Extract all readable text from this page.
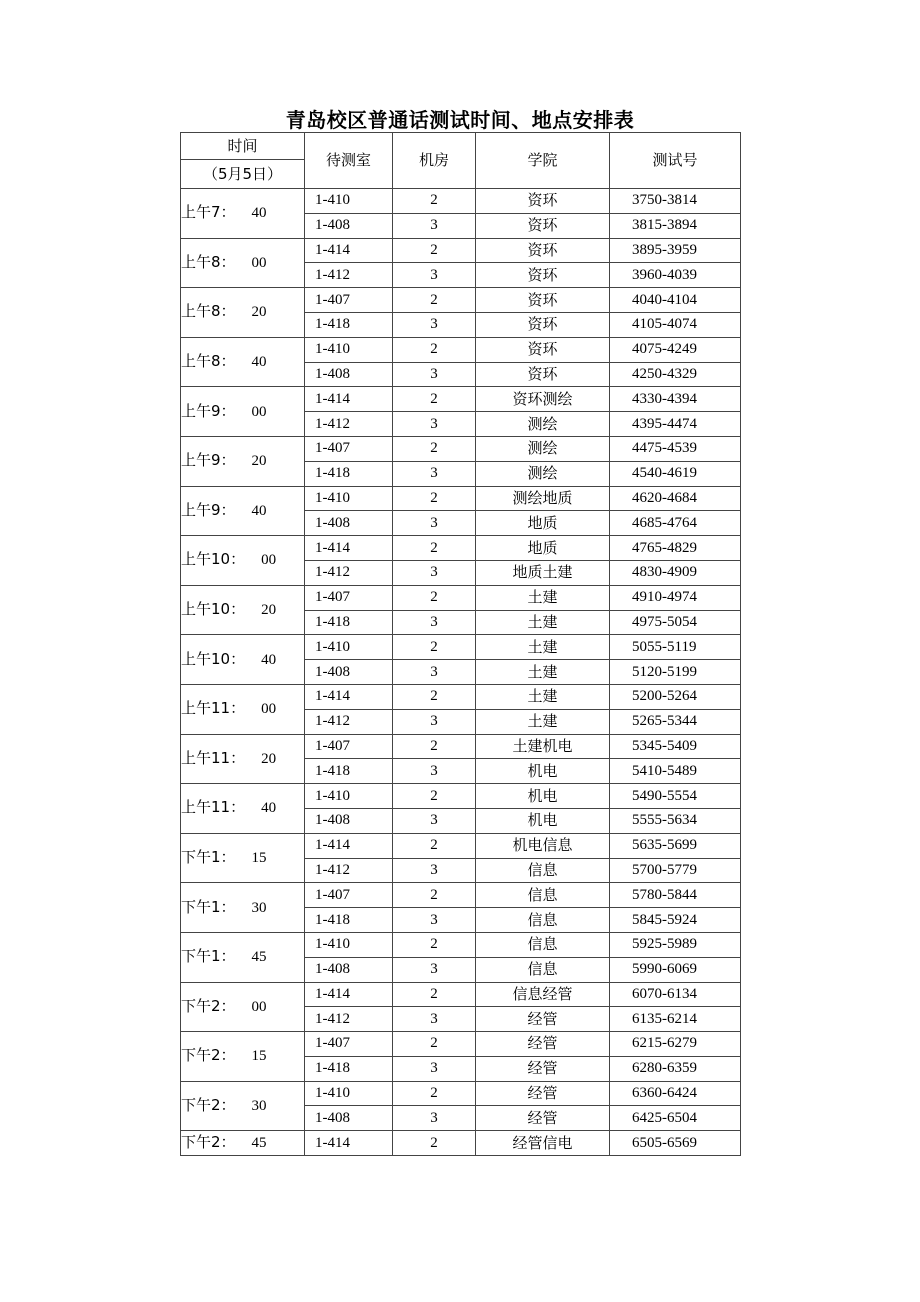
青岛校区普通话测试时间、地点安排表
时间	待测室	机房	学院	测试号
（5月5日）				
上午7： 40	1-410	2	资环	3750-3814
	1-408	3	资环	3815-3894
上午8： 00	1-414	2	资环	3895-3959
	1-412	3	资环	3960-4039
上午8： 20	1-407	2	资环	4040-4104
	1-418	3	资环	4105-4074
上午8： 40	1-410	2	资环	4075-4249
	1-408	3	资环	4250-4329
上午9： 00	1-414	2	资环测绘	4330-4394
	1-412	3	测绘	4395-4474
上午9： 20	1-407	2	测绘	4475-4539
	1-418	3	测绘	4540-4619
上午9： 40	1-410	2	测绘地质	4620-4684
	1-408	3	地质	4685-4764
上午10： 00	1-414	2	地质	4765-4829
	1-412	3	地质土建	4830-4909
上午10： 20	1-407	2	土建	4910-4974
	1-418	3	土建	4975-5054
上午10： 40	1-410	2	土建	5055-5119
	1-408	3	土建	5120-5199
上午11： 00	1-414	2	土建	5200-5264
	1-412	3	土建	5265-5344
上午11： 20	1-407	2	土建机电	5345-5409
	1-418	3	机电	5410-5489
上午11： 40	1-410	2	机电	5490-5554
	1-408	3	机电	5555-5634
下午1： 15	1-414	2	机电信息	5635-5699
	1-412	3	信息	5700-5779
下午1： 30	1-407	2	信息	5780-5844
	1-418	3	信息	5845-5924
下午1： 45	1-410	2	信息	5925-5989
	1-408	3	信息	5990-6069
下午2： 00	1-414	2	信息经管	6070-6134
	1-412	3	经管	6135-6214
下午2： 15	1-407	2	经管	6215-6279
	1-418	3	经管	6280-6359
下午2： 30	1-410	2	经管	6360-6424
	1-408	3	经管	6425-6504
下午2： 45	1-414	2	经管信电	6505-6569
